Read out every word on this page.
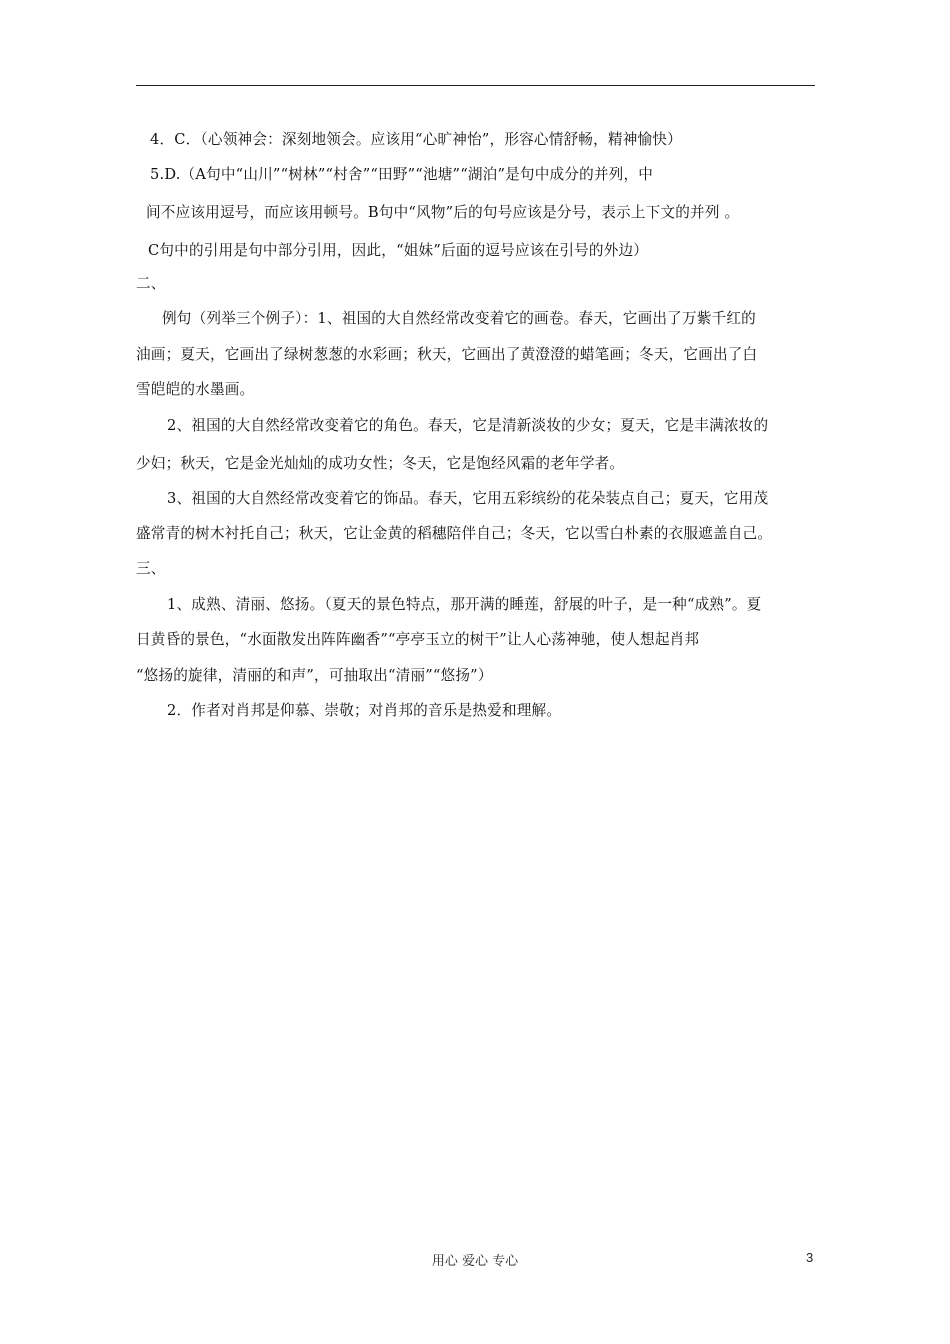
4．C．（心领神会：深刻地领会。应该用“心旷神怡”，形容心情舒畅，精神愉快）
5.D.（A句中“山川”“树林”“村舍”“田野”“池塘”“湖泊”是句中成分的并列，中
间不应该用逗号，而应该用顿号。B句中“风物”后的句号应该是分号，表示上下文的并列 。
C句中的引用是句中部分引用，因此，“姐妹”后面的逗号应该在引号的外边）
二、
例句（列举三个例子）：1、祖国的大自然经常改变着它的画卷。春天，它画出了万紫千红的
油画；夏天，它画出了绿树葱葱的水彩画；秋天，它画出了黄澄澄的蜡笔画；冬天，它画出了白
雪皑皑的水墨画。
2、祖国的大自然经常改变着它的角色。春天，它是清新淡妆的少女；夏天，它是丰满浓妆的
少妇；秋天，它是金光灿灿的成功女性；冬天，它是饱经风霜的老年学者。
3、祖国的大自然经常改变着它的饰品。春天，它用五彩缤纷的花朵装点自己；夏天，它用茂
盛常青的树木衬托自己；秋天，它让金黄的稻穗陪伴自己；冬天，它以雪白朴素的衣服遮盖自己。
三、
1、成熟、清丽、悠扬。（夏天的景色特点，那开满的睡莲，舒展的叶子，是一种“成熟”。夏
日黄昏的景色，“水面散发出阵阵幽香”“亭亭玉立的树干”让人心荡神驰，使人想起肖邦
“悠扬的旋律，清丽的和声”，可抽取出“清丽”“悠扬”）
2．作者对肖邦是仰慕、崇敬；对肖邦的音乐是热爱和理解。
用心 爱心 专心	3
